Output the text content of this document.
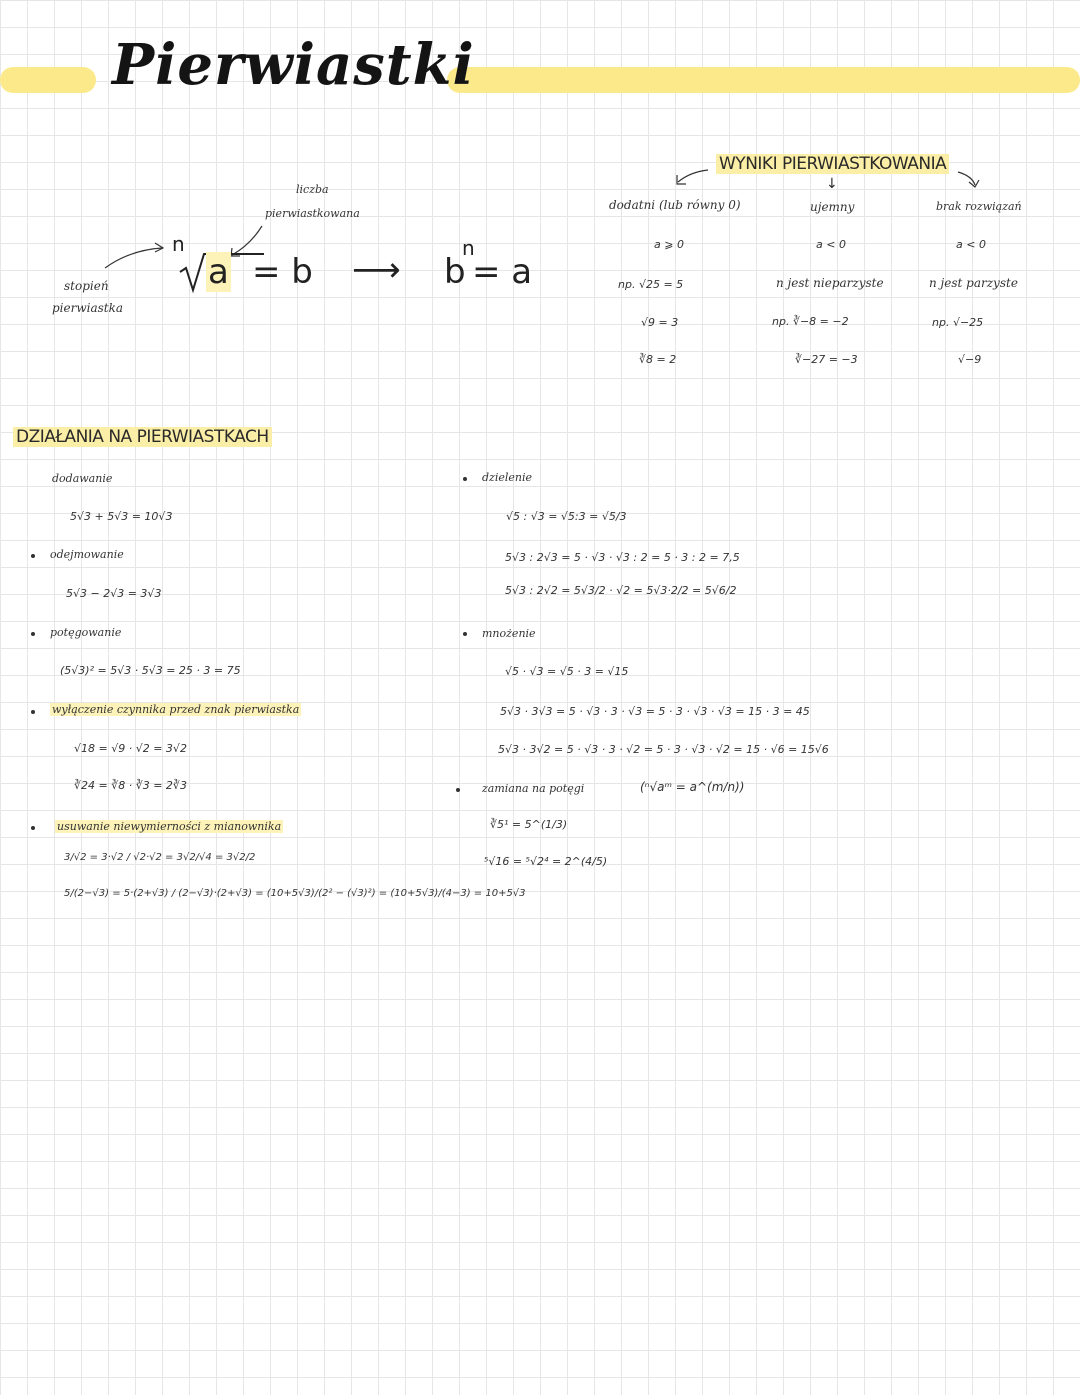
Pierwiastki
liczba
pierwiastkowana
stopień
pierwiastka
n
a = b ⟶ b
n
= a
WYNIKI PIERWIASTKOWANIA
↓
dodatni (lub równy 0)
a ⩾ 0
np. √25 = 5
√9 = 3
∛8 = 2
ujemny
a < 0
n jest nieparzyste
np. ∛−8 = −2
∛−27 = −3
brak rozwiązań
a < 0
n jest parzyste
np. √−25
√−9
DZIAŁANIA NA PIERWIASTKACH
dodawanie
5√3 + 5√3 = 10√3
odejmowanie
5√3 − 2√3 = 3√3
potęgowanie
(5√3)² = 5√3 · 5√3 = 25 · 3 = 75
wyłączenie czynnika przed znak pierwiastka
√18 = √9 · √2 = 3√2
∛24 = ∛8 · ∛3 = 2∛3
usuwanie niewymierności z mianownika
3/√2 = 3·√2 / √2·√2 = 3√2/√4 = 3√2/2
5/(2−√3) = 5·(2+√3) / (2−√3)·(2+√3) = (10+5√3)/(2² − (√3)²) = (10+5√3)/(4−3) = 10+5√3
dzielenie
√5 : √3 = √5:3 = √5/3
5√3 : 2√3 = 5 · √3 · √3 : 2 = 5 · 3 : 2 = 7,5
5√3 : 2√2 = 5√3/2 · √2 = 5√3·2/2 = 5√6/2
mnożenie
√5 · √3 = √5 · 3 = √15
5√3 · 3√3 = 5 · √3 · 3 · √3 = 5 · 3 · √3 · √3 = 15 · 3 = 45
5√3 · 3√2 = 5 · √3 · 3 · √2 = 5 · 3 · √3 · √2 = 15 · √6 = 15√6
zamiana na potęgi	(ⁿ√aᵐ = a^(m/n))
∛5¹ = 5^(1/3)
⁵√16 = ⁵√2⁴ = 2^(4/5)
